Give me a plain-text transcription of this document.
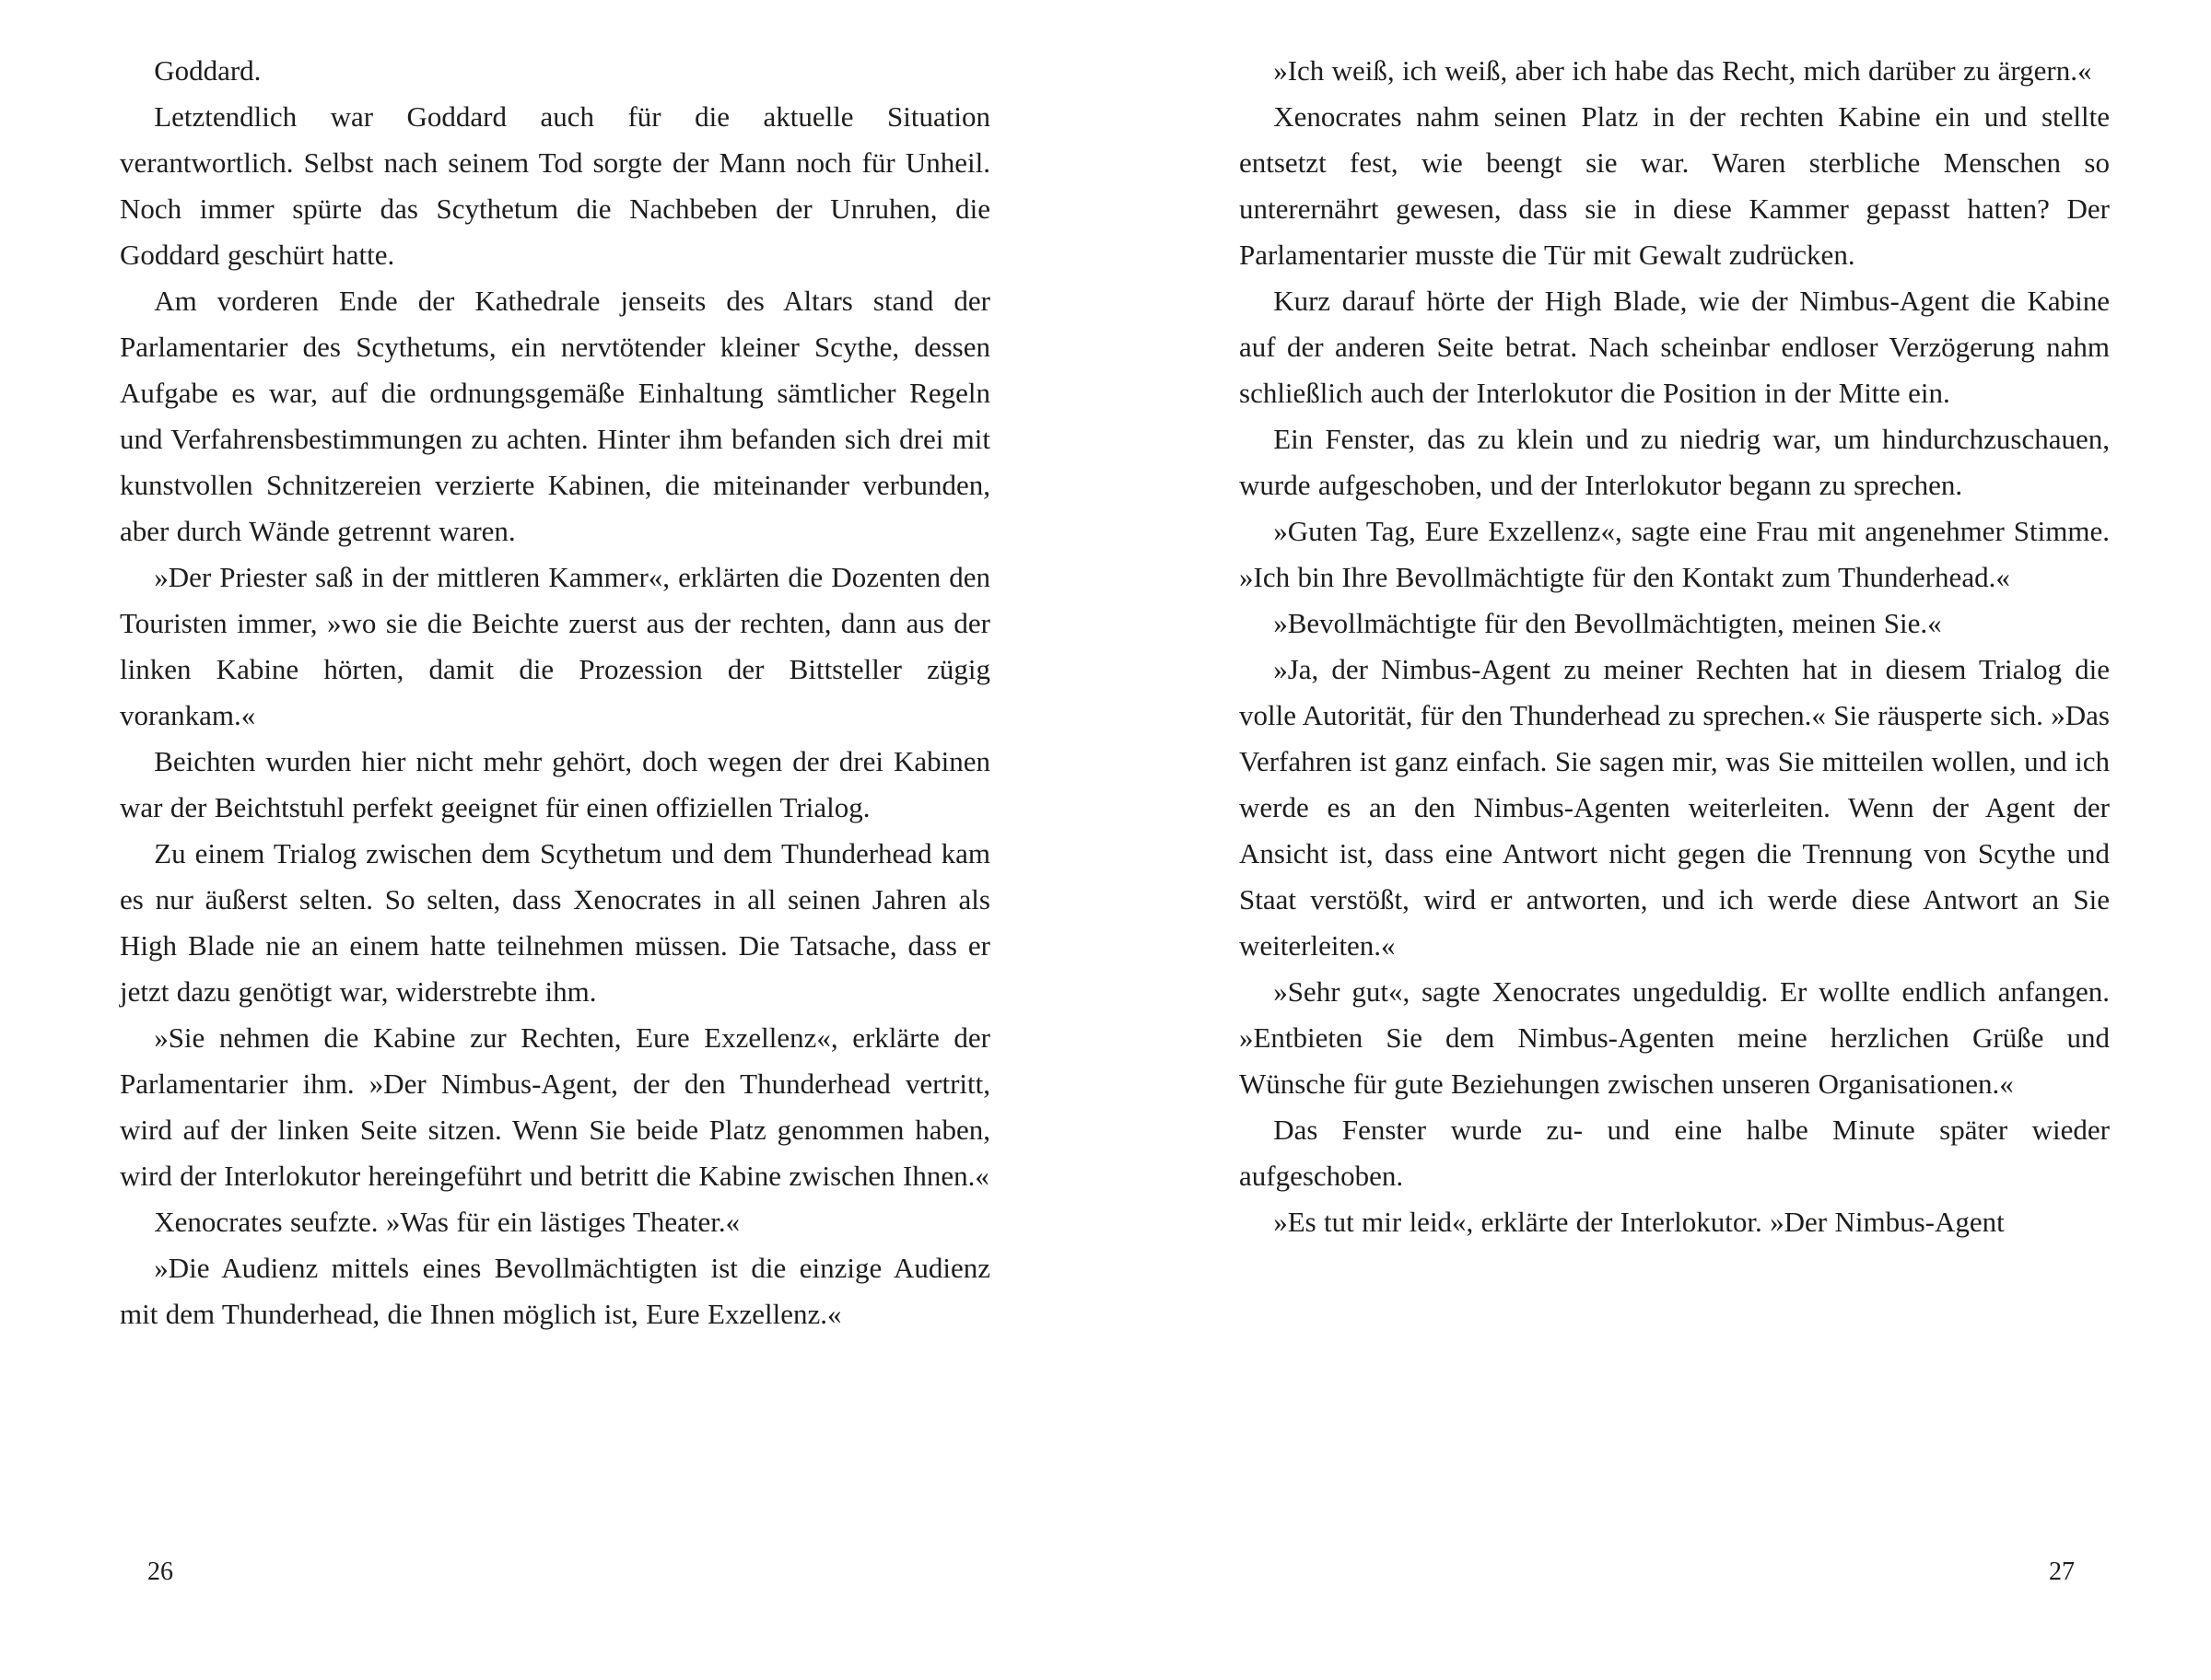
Goddard.

Letztendlich war Goddard auch für die aktuelle Situation verantwortlich. Selbst nach seinem Tod sorgte der Mann noch für Unheil. Noch immer spürte das Scythetum die Nachbeben der Unruhen, die Goddard geschürt hatte.

Am vorderen Ende der Kathedrale jenseits des Altars stand der Parlamentarier des Scythetums, ein nervtötender kleiner Scythe, dessen Aufgabe es war, auf die ordnungsgemäße Einhaltung sämtlicher Regeln und Verfahrensbestimmungen zu achten. Hinter ihm befanden sich drei mit kunstvollen Schnitzereien verzierte Kabinen, die miteinander verbunden, aber durch Wände getrennt waren.

»Der Priester saß in der mittleren Kammer«, erklärten die Dozenten den Touristen immer, »wo sie die Beichte zuerst aus der rechten, dann aus der linken Kabine hörten, damit die Prozession der Bittsteller zügig vorankam.«

Beichten wurden hier nicht mehr gehört, doch wegen der drei Kabinen war der Beichtstuhl perfekt geeignet für einen offiziellen Trialog.

Zu einem Trialog zwischen dem Scythetum und dem Thunderhead kam es nur äußerst selten. So selten, dass Xenocrates in all seinen Jahren als High Blade nie an einem hatte teilnehmen müssen. Die Tatsache, dass er jetzt dazu genötigt war, widerstrebte ihm.

»Sie nehmen die Kabine zur Rechten, Eure Exzellenz«, erklärte der Parlamentarier ihm. »Der Nimbus-Agent, der den Thunderhead vertritt, wird auf der linken Seite sitzen. Wenn Sie beide Platz genommen haben, wird der Interlokutor hereingeführt und betritt die Kabine zwischen Ihnen.«

Xenocrates seufzte. »Was für ein lästiges Theater.«

»Die Audienz mittels eines Bevollmächtigten ist die einzige Audienz mit dem Thunderhead, die Ihnen möglich ist, Eure Exzellenz.«

»Ich weiß, ich weiß, aber ich habe das Recht, mich darüber zu ärgern.«

Xenocrates nahm seinen Platz in der rechten Kabine ein und stellte entsetzt fest, wie beengt sie war. Waren sterbliche Menschen so unterernährt gewesen, dass sie in diese Kammer gepasst hatten? Der Parlamentarier musste die Tür mit Gewalt zudrücken.

Kurz darauf hörte der High Blade, wie der Nimbus-Agent die Kabine auf der anderen Seite betrat. Nach scheinbar endloser Verzögerung nahm schließlich auch der Interlokutor die Position in der Mitte ein.

Ein Fenster, das zu klein und zu niedrig war, um hindurchzuschauen, wurde aufgeschoben, und der Interlokutor begann zu sprechen.

»Guten Tag, Eure Exzellenz«, sagte eine Frau mit angenehmer Stimme. »Ich bin Ihre Bevollmächtigte für den Kontakt zum Thunderhead.«

»Bevollmächtigte für den Bevollmächtigten, meinen Sie.«

»Ja, der Nimbus-Agent zu meiner Rechten hat in diesem Trialog die volle Autorität, für den Thunderhead zu sprechen.« Sie räusperte sich. »Das Verfahren ist ganz einfach. Sie sagen mir, was Sie mitteilen wollen, und ich werde es an den Nimbus-Agenten weiterleiten. Wenn der Agent der Ansicht ist, dass eine Antwort nicht gegen die Trennung von Scythe und Staat verstößt, wird er antworten, und ich werde diese Antwort an Sie weiterleiten.«

»Sehr gut«, sagte Xenocrates ungeduldig. Er wollte endlich anfangen. »Entbieten Sie dem Nimbus-Agenten meine herzlichen Grüße und Wünsche für gute Beziehungen zwischen unseren Organisationen.«

Das Fenster wurde zu- und eine halbe Minute später wieder aufgeschoben.

»Es tut mir leid«, erklärte der Interlokutor. »Der Nimbus-Agent

26	27
